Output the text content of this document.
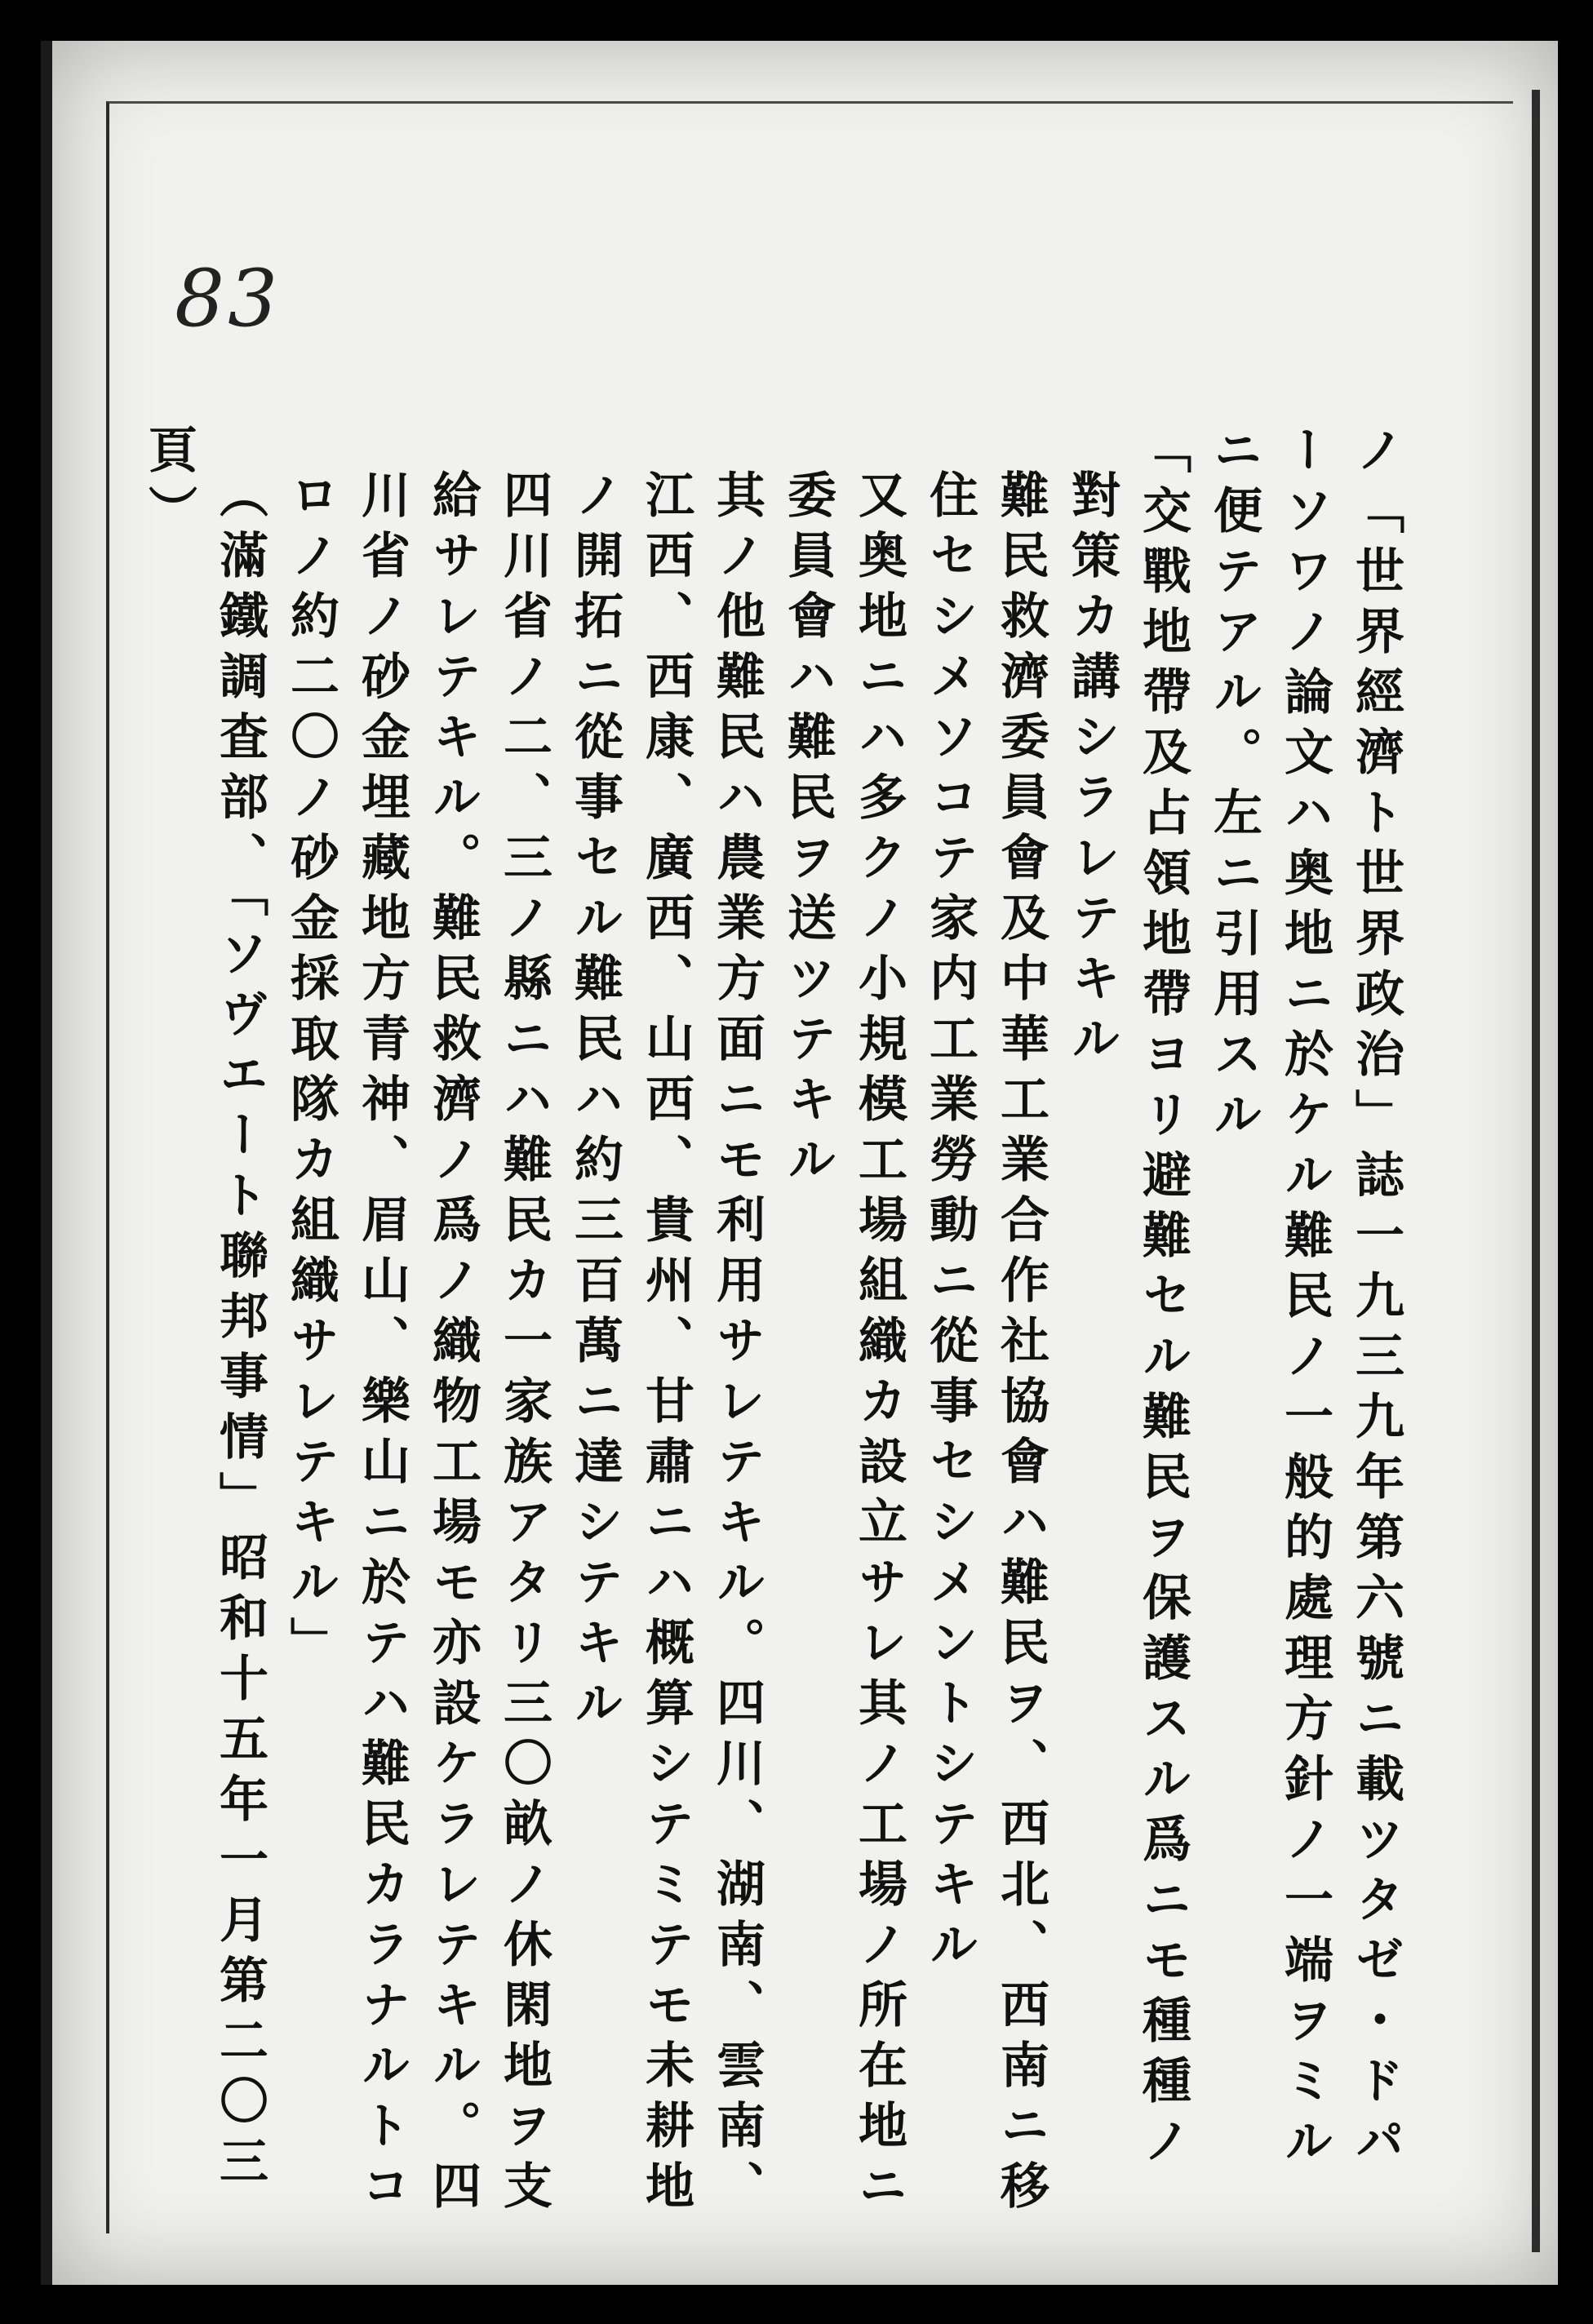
83
ノ「世界經濟ト世界政治」誌一九三九年第六號ニ載ツタゼ・ドパ
ーソワノ論文ハ奥地ニ於ケル難民ノ一般的處理方針ノ一端ヲミル
ニ便テアル。左ニ引用スル
「交戰地帶及占領地帶ヨリ避難セル難民ヲ保護スル爲ニモ種種ノ
對策カ講シラレテキル
難民救濟委員會及中華工業合作社協會ハ難民ヲ、西北、西南ニ移
住セシメソコテ家内工業勞動ニ從事セシメントシテキル
又奥地ニハ多クノ小規模工場組織カ設立サレ其ノ工場ノ所在地ニ
委員會ハ難民ヲ送ツテキル
其ノ他難民ハ農業方面ニモ利用サレテキル。四川、湖南、雲南、
江西、西康、廣西、山西、貴州、甘肅ニハ概算シテミテモ未耕地
ノ開拓ニ從事セル難民ハ約三百萬ニ達シテキル
四川省ノ二、三ノ縣ニハ難民カ一家族アタリ三〇畝ノ休閑地ヲ支
給サレテキル。難民救濟ノ爲ノ織物工場モ亦設ケラレテキル。四
川省ノ砂金埋藏地方青神、眉山、樂山ニ於テハ難民カラナルトコ
ロノ約二〇ノ砂金採取隊カ組織サレテキル」
（滿鐵調査部、「ソヴエート聯邦事情」昭和十五年一月第二〇三
頁）
